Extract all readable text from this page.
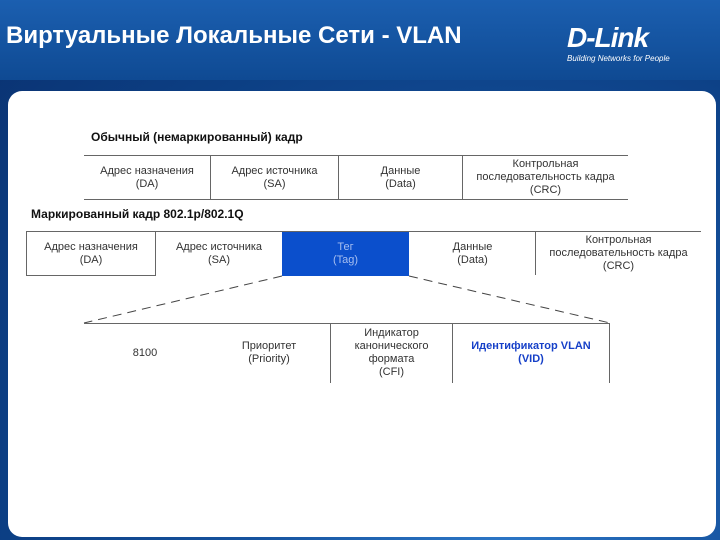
Виртуальные Локальные Сети - VLAN	D-Link
Building Networks for People
Обычный (немаркированный) кадр
Адрес назначения
(DA)
Адрес источника
(SA)
Данные
(Data)
Контрольная
последовательность кадра
(CRC)
Маркированный кадр 802.1p/802.1Q
Адрес назначения
(DA)
Адрес источника
(SA)
Тег
(Tag)
Данные
(Data)
Контрольная
последовательность кадра
(CRC)
8100
Приоритет
(Priority)
Индикатор
канонического
формата
(CFI)
Идентификатор VLAN
(VID)
